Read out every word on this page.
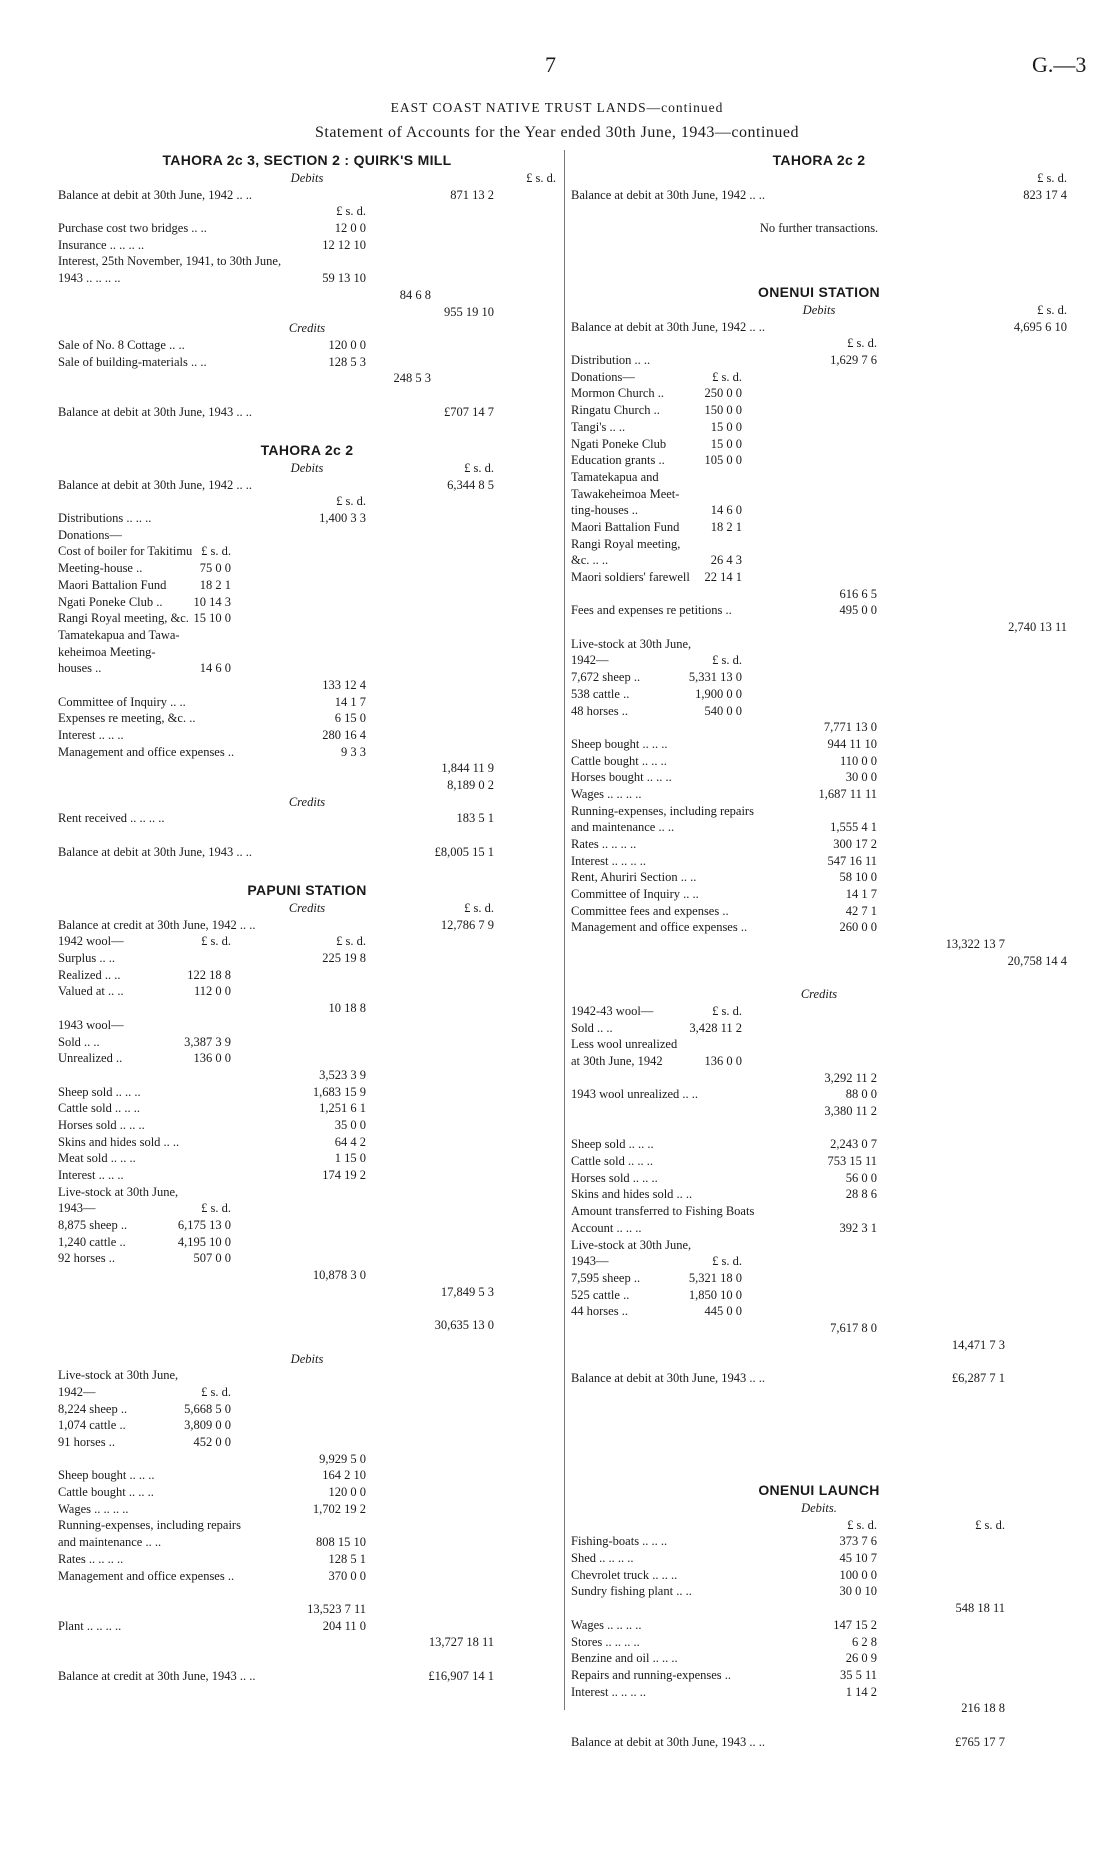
7	G.—3
EAST COAST NATIVE TRUST LANDS—continued
Statement of Accounts for the Year ended 30th June, 1943—continued
TAHORA 2c 3, SECTION 2 : QUIRK'S MILL
Debits	£ s. d.
Balance at debit at 30th June, 1942 .. ..	871 13 2
£ s. d.
Purchase cost two bridges .. ..	12 0 0
Insurance .. .. .. ..	12 12 10
Interest, 25th November, 1941, to 30th June,
1943 .. .. .. ..	59 13 10
84 6 8
955 19 10
Credits
Sale of No. 8 Cottage .. ..	120 0 0
Sale of building-materials .. ..	128 5 3
248 5 3
Balance at debit at 30th June, 1943 .. ..	£707 14 7
TAHORA 2c 2
Debits	£ s. d.
Balance at debit at 30th June, 1942 .. ..	6,344 8 5
£ s. d.
Distributions .. .. ..	1,400 3 3
Donations—
Cost of boiler for Takitimu £ s. d.
Meeting-house ..	75 0 0
Maori Battalion Fund	18 2 1
Ngati Poneke Club .. 10 14 3
Rangi Royal meeting, &c. 15 10 0
Tamatekapua and Tawa-
keheimoa Meeting-
houses ..	14 6 0
133 12 4
Committee of Inquiry .. ..	14 1 7
Expenses re meeting, &c. ..	6 15 0
Interest .. .. ..	280 16 4
Management and office expenses ..	9 3 3
1,844 11 9
8,189 0 2
Credits
Rent received .. .. .. ..	183 5 1
Balance at debit at 30th June, 1943 .. ..	£8,005 15 1
PAPUNI STATION
Credits	£ s. d.
Balance at credit at 30th June, 1942 .. ..	12,786 7 9
1942 wool—	£ s. d.	£ s. d.
Surplus .. ..	225 19 8
Realized .. ..	122 18 8
Valued at .. ..	112 0 0
10 18 8
1943 wool—
Sold .. ..	3,387 3 9
Unrealized ..	136 0 0
3,523 3 9
Sheep sold .. .. ..	1,683 15 9
Cattle sold .. .. ..	1,251 6 1
Horses sold .. .. ..	35 0 0
Skins and hides sold .. ..	64 4 2
Meat sold .. .. ..	1 15 0
Interest .. .. ..	174 19 2
Live-stock at 30th June,
1943—	£ s. d.
8,875 sheep ..	6,175 13 0
1,240 cattle ..	4,195 10 0
92 horses ..	507 0 0
10,878 3 0
17,849 5 3
30,635 13 0
Debits
Live-stock at 30th June,
1942—	£ s. d.
8,224 sheep ..	5,668 5 0
1,074 cattle ..	3,809 0 0
91 horses ..	452 0 0
9,929 5 0
Sheep bought .. .. ..	164 2 10
Cattle bought .. .. ..	120 0 0
Wages .. .. .. ..	1,702 19 2
Running-expenses, including repairs
and maintenance .. ..	808 15 10
Rates .. .. .. ..	128 5 1
Management and office expenses ..	370 0 0
13,523 7 11
Plant .. .. .. ..	204 11 0
13,727 18 11
Balance at credit at 30th June, 1943 .. ..	£16,907 14 1
TAHORA 2c 2
£ s. d.
Balance at debit at 30th June, 1942 .. ..	823 17 4
No further transactions.
ONENUI STATION
Debits	£ s. d.
Balance at debit at 30th June, 1942 .. ..	4,695 6 10
£ s. d.
Distribution .. ..	1,629 7 6
Donations—	£ s. d.
Mormon Church ..	250 0 0
Ringatu Church ..	150 0 0
Tangi's .. ..	15 0 0
Ngati Poneke Club	15 0 0
Education grants ..	105 0 0
Tamatekapua and
Tawakeheimoa Meet-
ting-houses ..	14 6 0
Maori Battalion Fund	18 2 1
Rangi Royal meeting,
&c. .. ..	26 4 3
Maori soldiers' farewell 22 14 1
616 6 5
Fees and expenses re petitions ..	495 0 0
2,740 13 11
Live-stock at 30th June,
1942—	£ s. d.
7,672 sheep ..	5,331 13 0
538 cattle ..	1,900 0 0
48 horses ..	540 0 0
7,771 13 0
Sheep bought .. .. ..	944 11 10
Cattle bought .. .. ..	110 0 0
Horses bought .. .. ..	30 0 0
Wages .. .. .. ..	1,687 11 11
Running-expenses, including repairs
and maintenance .. ..	1,555 4 1
Rates .. .. .. ..	300 17 2
Interest .. .. .. ..	547 16 11
Rent, Ahuriri Section .. ..	58 10 0
Committee of Inquiry .. ..	14 1 7
Committee fees and expenses ..	42 7 1
Management and office expenses ..	260 0 0
13,322 13 7
20,758 14 4
Credits
1942-43 wool—	£ s. d.
Sold .. ..	3,428 11 2
Less wool unrealized
at 30th June, 1942	136 0 0
3,292 11 2
1943 wool unrealized .. ..	88 0 0
3,380 11 2
Sheep sold .. .. ..	2,243 0 7
Cattle sold .. .. ..	753 15 11
Horses sold .. .. ..	56 0 0
Skins and hides sold .. ..	28 8 6
Amount transferred to Fishing Boats
Account .. .. ..	392 3 1
Live-stock at 30th June,
1943—	£ s. d.
7,595 sheep ..	5,321 18 0
525 cattle ..	1,850 10 0
44 horses ..	445 0 0
7,617 8 0
14,471 7 3
Balance at debit at 30th June, 1943 .. ..	£6,287 7 1
ONENUI LAUNCH
Debits.
£ s. d.	£ s. d.
Fishing-boats .. .. ..	373 7 6
Shed .. .. .. ..	45 10 7
Chevrolet truck .. .. ..	100 0 0
Sundry fishing plant .. ..	30 0 10
548 18 11
Wages .. .. .. ..	147 15 2
Stores .. .. .. ..	6 2 8
Benzine and oil .. .. ..	26 0 9
Repairs and running-expenses ..	35 5 11
Interest .. .. .. ..	1 14 2
216 18 8
Balance at debit at 30th June, 1943 .. ..	£765 17 7
